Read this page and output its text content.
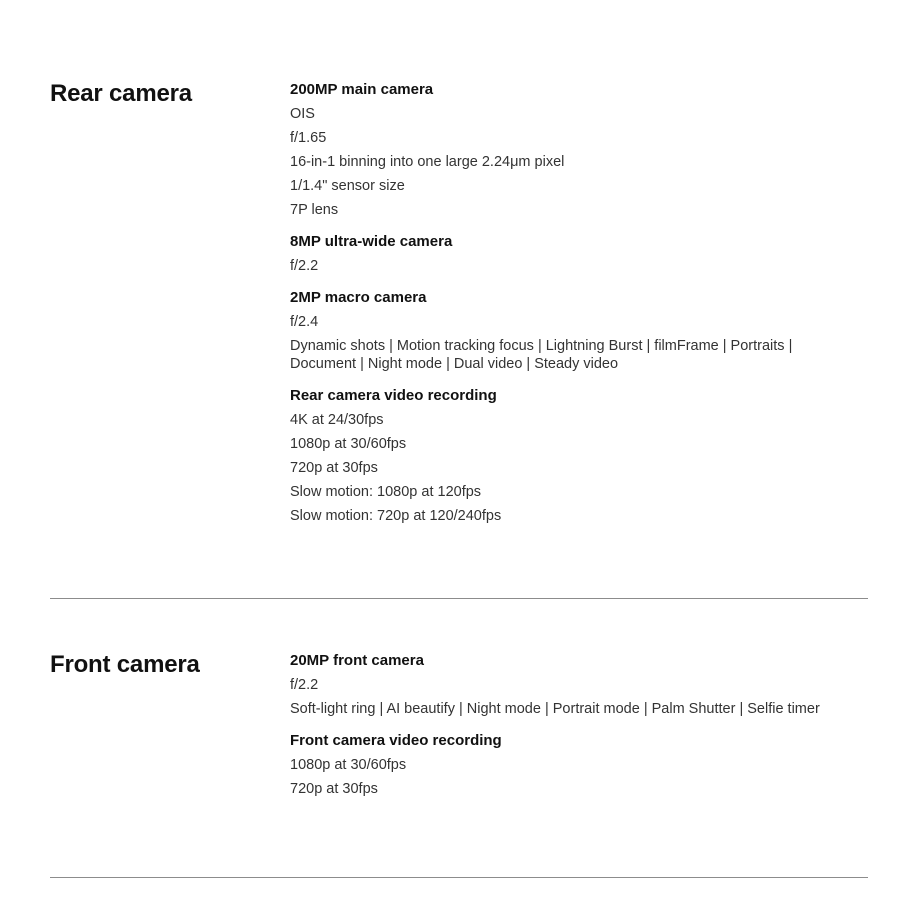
Rear camera	200MP main camera
OIS
f/1.65
16-in-1 binning into one large 2.24μm pixel
1/1.4" sensor size
7P lens
8MP ultra-wide camera
f/2.2
2MP macro camera
f/2.4
Dynamic shots | Motion tracking focus | Lightning Burst | filmFrame | Portraits | Document | Night mode | Dual video | Steady video
Rear camera video recording
4K at 24/30fps
1080p at 30/60fps
720p at 30fps
Slow motion: 1080p at 120fps
Slow motion: 720p at 120/240fps
Front camera	20MP front camera
f/2.2
Soft-light ring | AI beautify | Night mode | Portrait mode | Palm Shutter | Selfie timer
Front camera video recording
1080p at 30/60fps
720p at 30fps
